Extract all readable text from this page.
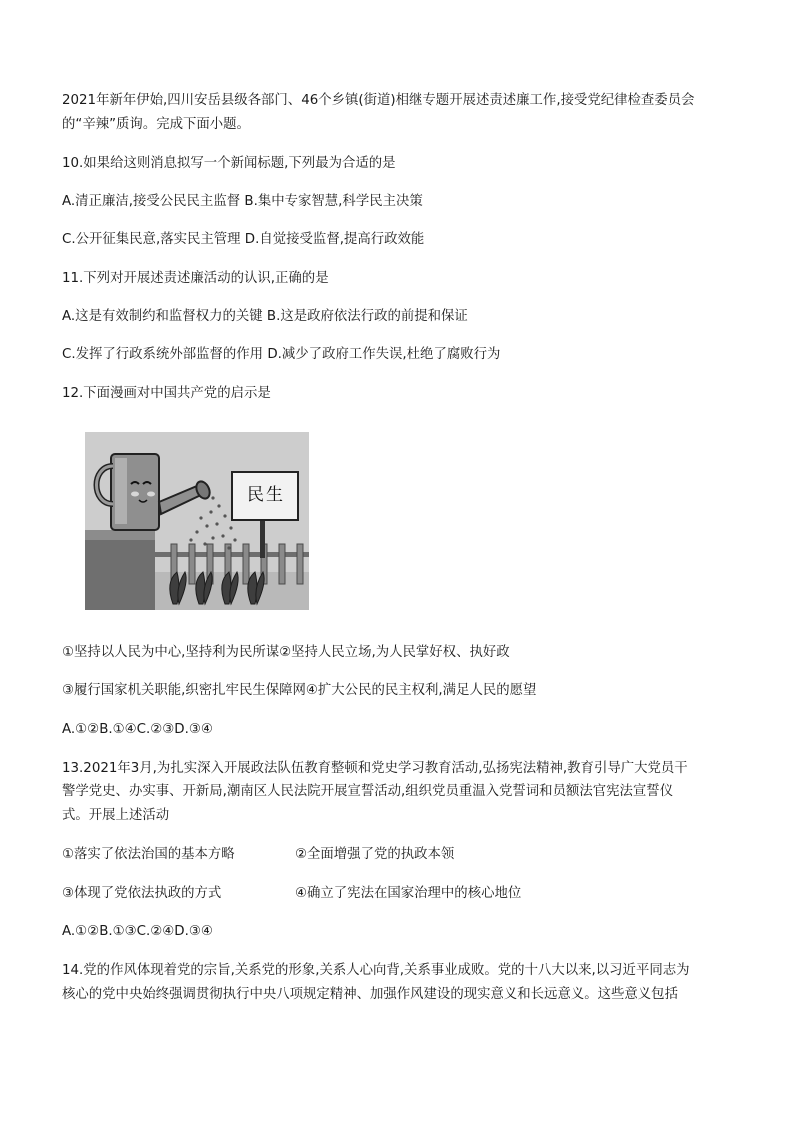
2021年新年伊始,四川安岳县级各部门、46个乡镇(街道)相继专题开展述责述廉工作,接受党纪律检查委员会

的“辛辣”质询。完成下面小题。

10.如果给这则消息拟写一个新闻标题,下列最为合适的是

A.清正廉洁,接受公民民主监督 B.集中专家智慧,科学民主决策

C.公开征集民意,落实民主管理 D.自觉接受监督,提高行政效能

11.下列对开展述责述廉活动的认识,正确的是

A.这是有效制约和监督权力的关键 B.这是政府依法行政的前提和保证

C.发挥了行政系统外部监督的作用 D.减少了政府工作失误,杜绝了腐败行为

12.下面漫画对中国共产党的启示是

民生

①坚持以人民为中心,坚持利为民所谋②坚持人民立场,为人民掌好权、执好政

③履行国家机关职能,织密扎牢民生保障网④扩大公民的民主权利,满足人民的愿望

A.①②B.①④C.②③D.③④

13.2021年3月,为扎实深入开展政法队伍教育整顿和党史学习教育活动,弘扬宪法精神,教育引导广大党员干

警学党史、办实事、开新局,潮南区人民法院开展宣誓活动,组织党员重温入党誓词和员额法官宪法宣誓仪

式。开展上述活动

①落实了依法治国的基本方略	②全面增强了党的执政本领

③体现了党依法执政的方式	④确立了宪法在国家治理中的核心地位

A.①②B.①③C.②④D.③④

14.党的作风体现着党的宗旨,关系党的形象,关系人心向背,关系事业成败。党的十八大以来,以习近平同志为

核心的党中央始终强调贯彻执行中央八项规定精神、加强作风建设的现实意义和长远意义。这些意义包括
